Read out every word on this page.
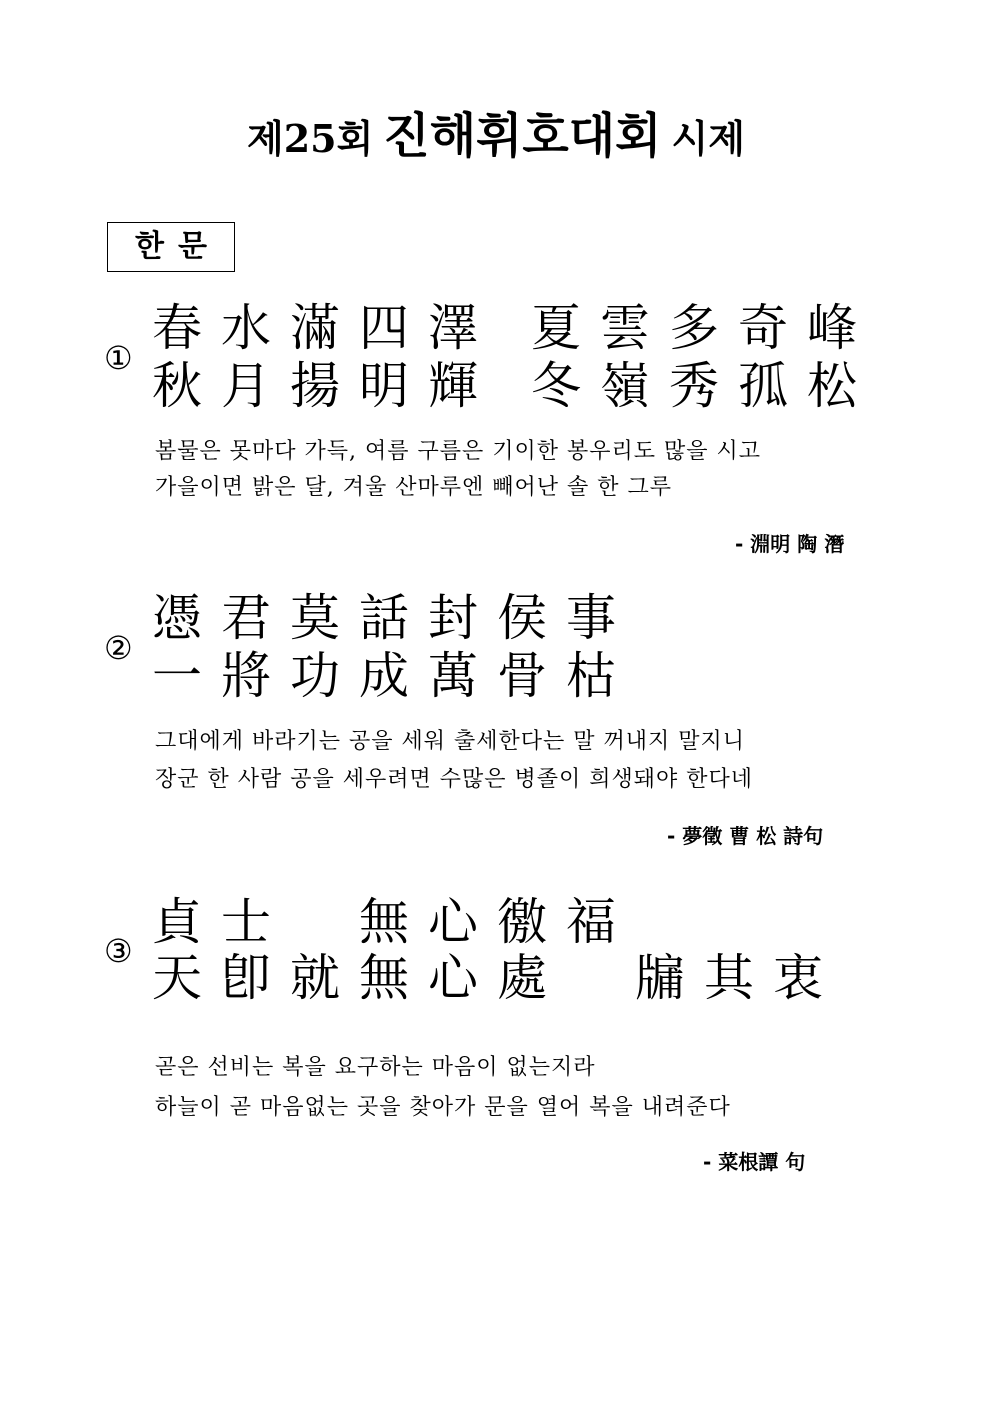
제25회 진해휘호대회 시제
한문
①
春 水 滿 四 澤	夏 雲 多 奇 峰
秋 月 揚 明 輝	冬 嶺 秀 孤 松
봄물은 못마다 가득, 여름 구름은 기이한 봉우리도 많을 시고
가을이면 밝은 달, 겨울 산마루엔 빼어난 솔 한 그루
- 淵明 陶 潛
②
憑 君 莫 話 封 侯 事
一 將 功 成 萬 骨 枯
그대에게 바라기는 공을 세워 출세한다는 말 꺼내지 말지니
장군 한 사람 공을 세우려면 수많은 병졸이 희생돼야 한다네
- 夢徵 曹 松 詩句
③ 貞 士	無 心 徼 福
天 卽 就 無 心 處	牖 其 衷
곧은 선비는 복을 요구하는 마음이 없는지라
하늘이 곧 마음없는 곳을 찾아가 문을 열어 복을 내려준다
- 菜根譚 句
